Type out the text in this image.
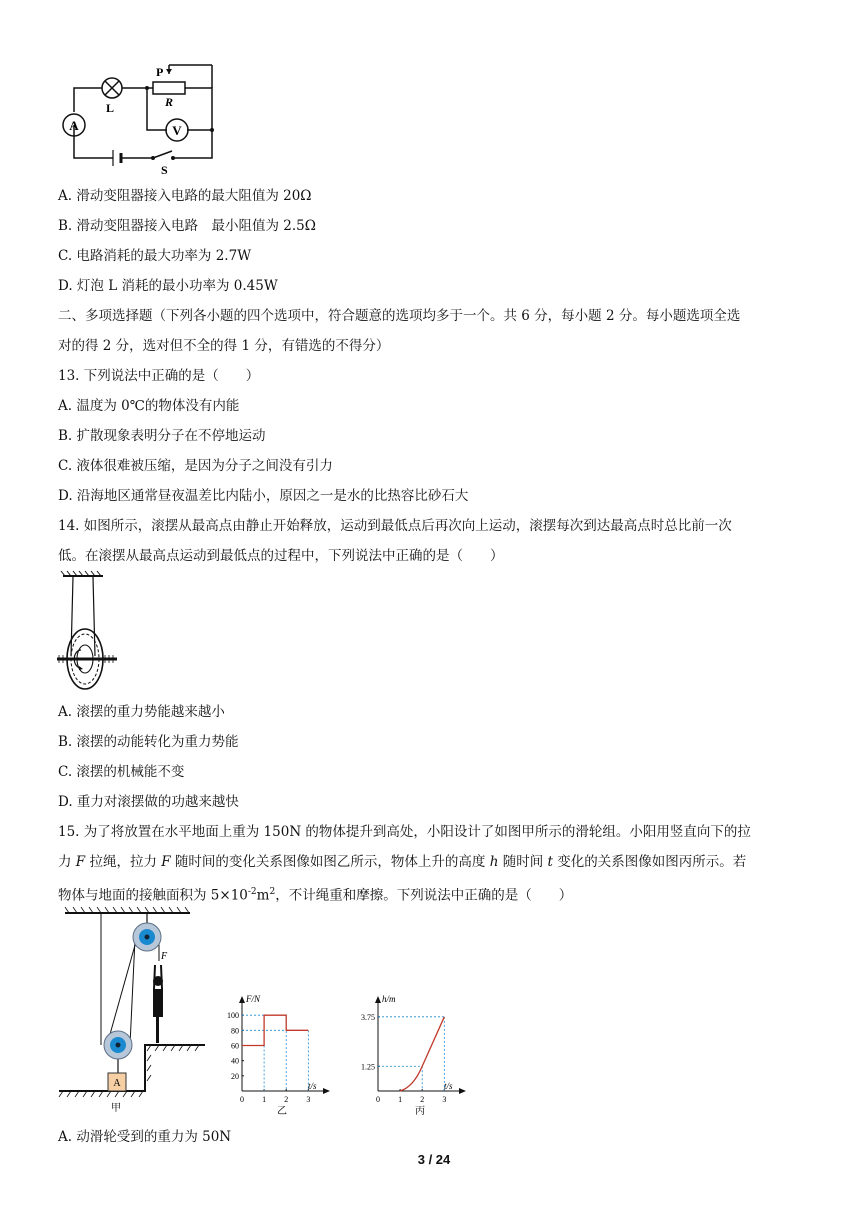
A
L
P
R
V
S
A. 滑动变阻器接入电路的最大阻值为 20Ω
B. 滑动变阻器接入电路　最小阻值为 2.5Ω
C. 电路消耗的最大功率为 2.7W
D. 灯泡 L 消耗的最小功率为 0.45W
二、多项选择题（下列各小题的四个选项中，符合题意的选项均多于一个。共 6 分，每小题 2 分。每小题选项全选
对的得 2 分，选对但不全的得 1 分，有错选的不得分）
13. 下列说法中正确的是（　　）
A. 温度为 0℃的物体没有内能
B. 扩散现象表明分子在不停地运动
C. 液体很难被压缩，是因为分子之间没有引力
D. 沿海地区通常昼夜温差比内陆小，原因之一是水的比热容比砂石大
14. 如图所示，滚摆从最高点由静止开始释放，运动到最低点后再次向上运动，滚摆每次到达最高点时总比前一次
低。在滚摆从最高点运动到最低点的过程中，下列说法中正确的是（　　）
A. 滚摆的重力势能越来越小
B. 滚摆的动能转化为重力势能
C. 滚摆的机械能不变
D. 重力对滚摆做的功越来越快
15. 为了将放置在水平地面上重为 150N 的物体提升到高处，小阳设计了如图甲所示的滑轮组。小阳用竖直向下的拉
力 F 拉绳，拉力 F 随时间的变化关系图像如图乙所示，物体上升的高度 h 随时间 t 变化的关系图像如图丙所示。若
物体与地面的接触面积为 $5\times 10^{-2}m^2$，不计绳重和摩擦。下列说法中正确的是（　　）
F
A
甲
0 1 2 3
20
40
60
80
100
F/N
t/s
乙
0 1 2 3
1.25
3.75
h/m
t/s
丙
A. 动滑轮受到的重力为 50N
3 / 24
